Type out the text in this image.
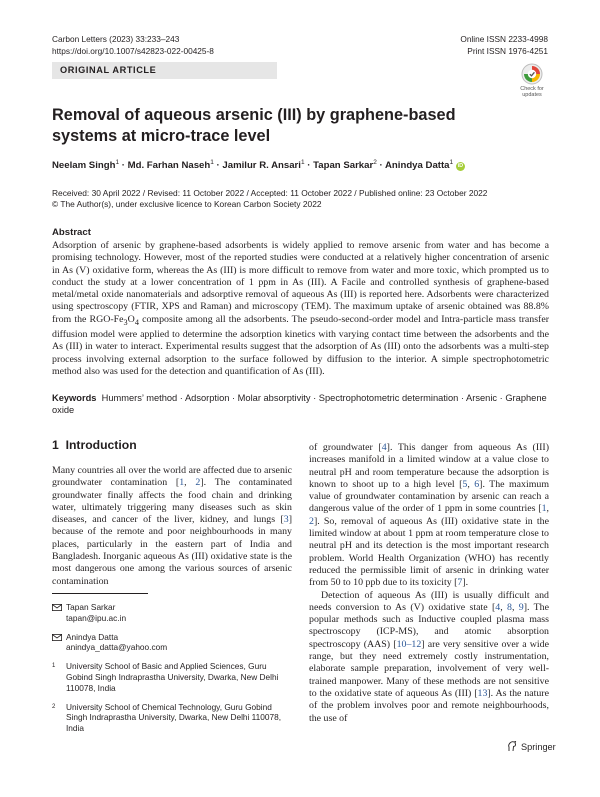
Carbon Letters (2023) 33:233–243
https://doi.org/10.1007/s42823-022-00425-8
Online ISSN 2233-4998
Print ISSN 1976-4251
ORIGINAL ARTICLE
Check for
updates
Removal of aqueous arsenic (III) by graphene-based systems at micro-trace level
Neelam Singh$^1$ · Md. Farhan Naseh$^1$ · Jamilur R. Ansari$^1$ · Tapan Sarkar$^2$ · Anindya Datta$^1$ iD
Received: 30 April 2022 / Revised: 11 October 2022 / Accepted: 11 October 2022 / Published online: 23 October 2022
© The Author(s), under exclusive licence to Korean Carbon Society 2022
Abstract
Adsorption of arsenic by graphene-based adsorbents is widely applied to remove arsenic from water and has become a promising technology. However, most of the reported studies were conducted at a relatively higher concentration of arsenic in As (V) oxidative form, whereas the As (III) is more difficult to remove from water and more toxic, which prompted us to conduct the study at a lower concentration of 1 ppm in As (III). A Facile and controlled synthesis of graphene-based metal/metal oxide nanomaterials and adsorptive removal of aqueous As (III) is reported here. Adsorbents were characterized using spectroscopy (FTIR, XPS and Raman) and microscopy (TEM). The maximum uptake of arsenic obtained was 88.8% from the RGO-$Fe_3O_4$ composite among all the adsorbents. The pseudo-second-order model and Intra-particle mass transfer diffusion model were applied to determine the adsorption kinetics with varying contact time between the adsorbents and the As (III) in water to interact. Experimental results suggest that the adsorption of As (III) onto the adsorbents was a multi-step process involving external adsorption to the surface followed by diffusion to the interior. A simple spectrophotometric method also was used for the detection and quantification of As (III).
Keywords Hummers’ method · Adsorption · Molar absorptivity · Spectrophotometric determination · Arsenic · Graphene oxide
1 Introduction

Many countries all over the world are affected due to arsenic groundwater contamination [1, 2]. The contaminated groundwater finally affects the food chain and drinking water, ultimately triggering many diseases such as skin diseases, and cancer of the liver, kidney, and lungs [3] because of the remote and poor neighbourhoods in many places, particularly in the eastern part of India and Bangladesh. Inorganic aqueous As (III) oxidative state is the most dangerous one among the various sources of arsenic contamination

of groundwater [4]. This danger from aqueous As (III) increases manifold in a limited window at a value close to neutral pH and room temperature because the adsorption is known to shoot up to a high level [5, 6]. The maximum value of groundwater contamination by arsenic can reach a dangerous value of the order of 1 ppm in some countries [1, 2]. So, removal of aqueous As (III) oxidative state in the limited window at about 1 ppm at room temperature close to neutral pH and its detection is the most important research problem. World Health Organization (WHO) has recently reduced the permissible limit of arsenic in drinking water from 50 to 10 ppb due to its toxicity [7].

Detection of aqueous As (III) is usually difficult and needs conversion to As (V) oxidative state [4, 8, 9]. The popular methods such as Inductive coupled plasma mass spectroscopy (ICP-MS), and atomic absorption spectroscopy (AAS) [10–12] are very sensitive over a wide range, but they need extremely costly instrumentation, elaborate sample preparation, involvement of very well-trained manpower. Many of these methods are not sensitive to the oxidative state of aqueous As (III) [13]. As the nature of the problem involves poor and remote neighbourhoods, the use of

Tapan Sarkar
tapan@ipu.ac.in
Anindya Datta
anindya_datta@yahoo.com
1	University School of Basic and Applied Sciences, Guru Gobind Singh Indraprastha University, Dwarka, New Delhi 110078, India
2	University School of Chemical Technology, Guru Gobind Singh Indraprastha University, Dwarka, New Delhi 110078, India
Springer
